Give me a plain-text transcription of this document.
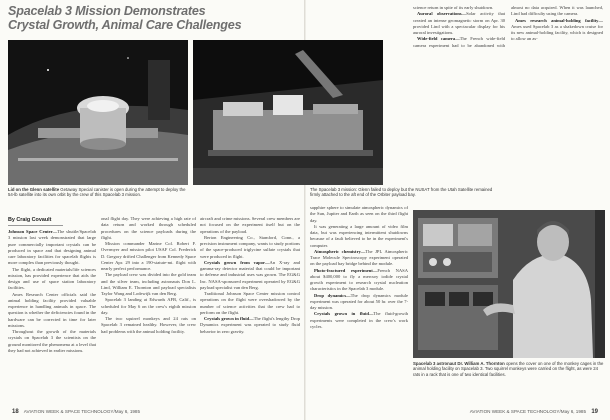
Spacelab 3 Mission Demonstrates
Crystal Growth, Animal Care Challenges
Lid on the Glenn satellite Getaway Special canister is open during the attempt to deploy the 54-lb satellite into its own orbit by the crew of this Spacelab 3 mission.
The Spacelab 3 mission: Glenn failed to deploy but the NUSAT from the Utah Satellite remained firmly attached to the aft end of the Orbiter payload bay.
By Craig Covault

Johnson Space Center—The shuttle/Spacelab 3 mission last week demonstrated that large pure commercially important crystals can be produced in space and that designing animal care laboratory facilities for spacelab flights is more complex than previously thought.

The flight, a dedicated materials/life sciences mission, has provided experience that aids the design and use of space station laboratory facilities.

Ames Research Center officials said the animal holding facility provided valuable experience in handling animals in space. The question is whether the deficiencies found in the hardware can be corrected in time for later missions.

Throughout the growth of the materials crystals on Spacelab 3 the scientists on the ground monitored the phenomena at a level that they had not achieved in earlier missions.

onal flight day. They were achieving a high rate of data return and worked through scheduled procedures on the science payloads during the flight.

Mission commander Marine Col. Robert F. Overmyer and mission pilot USAF Col. Frederick D. Gregory drifted Challenger from Kennedy Space Center Apr. 29 into a 190-statute-mi. flight with nearly perfect performance.

The payload crew was divided into the gold team and the silver team, including astronauts Don L. Lind, William E. Thornton and payload specialists Taylor Wang and Lodewijk van den Berg.

Spacelab 3 landing at Edwards AFB, Calif., is scheduled for May 6 on the crew's eighth mission day.

The two squirrel monkeys and 24 rats on Spacelab 3 remained healthy. However, the crew had problems with the animal holding facility.

aircraft and crime missions. Several crew members are not focused on the experiment itself but on the operations of the payload.

Berton Engineering Co., Stamford, Conn., a precision instrument company, wants to study portions of the space-produced triglycine sulfate crystals that were produced in flight.

Crystals grown from vapor—An X-ray and gamma-ray detector material that could be important to defense and industrial uses was grown. The EG&G Inc. NASA-sponsored experiment operated by EG&G payload specialist van den Berg.

Traditional Johnson Space Center mission control operations on the flight were overshadowed by the number of science activities that the crew had to perform on the flight.

Crystals grown in fluid—The flight's lengthy Drop Dynamics experiment was operated to study fluid behavior in zero gravity.

sapphire sphere to simulate atmospheric dynamics of the Sun, Jupiter and Earth as seen on the third flight day.

It was generating a large amount of video film data, but was experiencing intermittent shutdowns because of a fault believed to be in the experiment's computer.

Atmospheric chemistry—The JPL Atmospheric Trace Molecule Spectroscopy experiment operated on the payload bay bridge behind the module.

Photo-fractured experiment—French NASA about $400,000 to fly a mercury iodide crystal growth experiment to research crystal nucleation characteristics in the Spacelab 3 module.

Drop dynamics—The drop dynamics module experiment was operated for about 50 hr. over the 7-day mission.

Crystals grown in fluid—The fluid-growth experiments were completed in the crew's work cycles.

science return in spite of its early shutdown.

Auroral observations—Solar activity that created an intense geomagnetic storm on Apr. 30 provided Lind with a spectacular display for his auroral investigations.

Wide-field camera—The French wide-field camera experiment had to be abandoned with almost no data acquired. When it was launched, Lind had difficulty using the camera.

Ames research animal-holding facility—Ames used Spacelab 3 as a shakedown cruise for its new animal-holding facility, which is designed to allow an as-

Spacelab 3 astronaut Dr. William A. Thornton opens the cover on one of the monkey cages in the animal holding facility on Spacelab 3. Two squirrel monkeys were carried on the flight, as were 24 rats in a rack that is one of two identical facilities.
18 AVIATION WEEK & SPACE TECHNOLOGY/May 6, 1985	AVIATION WEEK & SPACE TECHNOLOGY/May 6, 1985 19
